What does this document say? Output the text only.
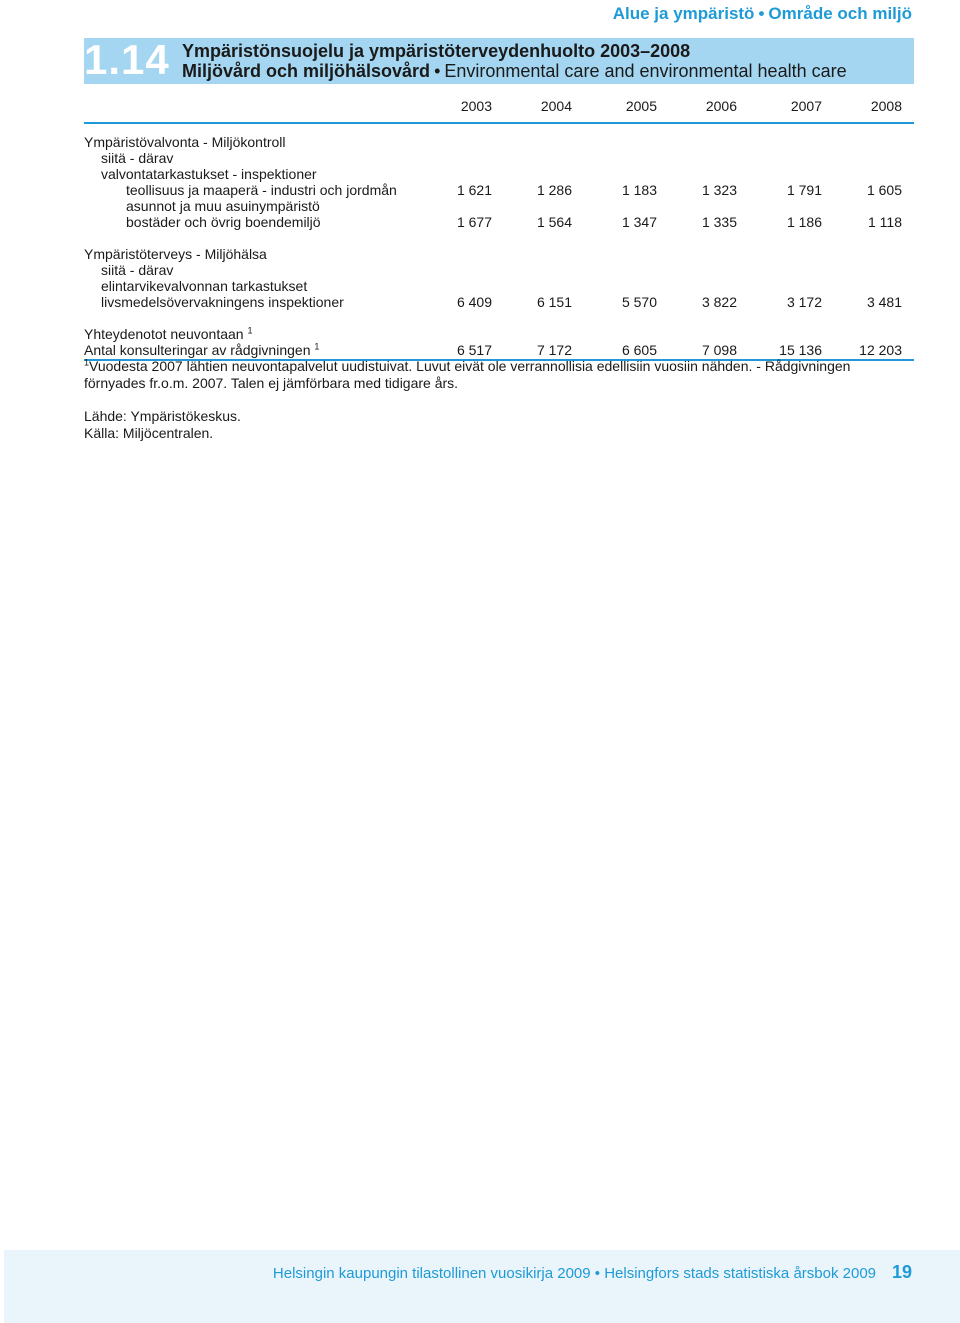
Alue ja ympäristö • Område och miljö
1.14 Ympäristönsuojelu ja ympäristöterveydenhuolto 2003–2008
Miljövård och miljöhälsovård • Environmental care and environmental health care
2003	2004	2005	2006	2007	2008
Ympäristövalvonta - Miljökontroll
siitä - därav
valvontatarkastukset - inspektioner
teollisuus ja maaperä - industri och jordmån	1 621	1 286	1 183	1 323	1 791	1 605
asunnot ja muu asuinympäristö
bostäder och övrig boendemiljö	1 677	1 564	1 347	1 335	1 186	1 118
Ympäristöterveys - Miljöhälsa
siitä - därav
elintarvikevalvonnan tarkastukset
livsmedelsövervakningens inspektioner	6 409	6 151	5 570	3 822	3 172	3 481
Yhteydenotot neuvontaan $^1$
Antal konsulteringar av rådgivningen $^1$	6 517	7 172	6 605	7 098	15 136	12 203
$^1$Vuodesta 2007 lähtien neuvontapalvelut uudistuivat. Luvut eivät ole verrannollisia edellisiin vuosiin nähden. - Rådgivningen
förnyades fr.o.m. 2007. Talen ej jämförbara med tidigare års.
Lähde: Ympäristökeskus.
Källa: Miljöcentralen.
Helsingin kaupungin tilastollinen vuosikirja 2009 • Helsingfors stads statistiska årsbok 2009 19
